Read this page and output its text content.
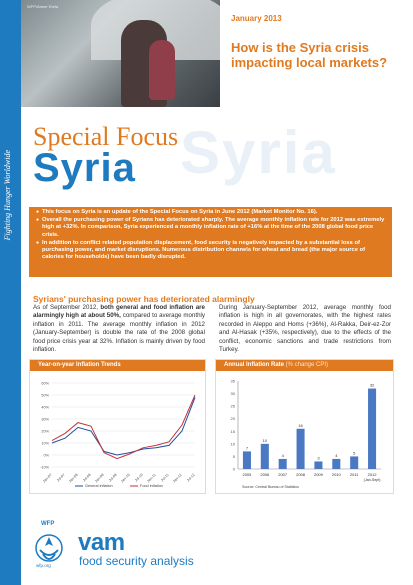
Fighting Hunger Worldwide
WFP/Abeer Etefa
January 2013
How is the Syria crisis impacting local markets?
Syria
Special Focus
Syria
● This focus on Syria is an update of the Special Focus on Syria in June 2012 (Market Monitor No. 16).
● Overall the purchasing power of Syrians has deteriorated sharply. The average monthly inflation rate for 2012 was extremely high at +32%. In comparison, Syria experienced a monthly inflation rate of +16% at the time of the 2008 global food price crisis.
● In addition to conflict related population displacement, food security is negatively impacted by a substantial loss of purchasing power, and market disruptions. Numerous distribution channels for wheat and bread (the major source of calories for households) have been badly disrupted.
Syrians' purchasing power has deteriorated alarmingly
As of September 2012, both general and food inflation are alarmingly high at about 50%, compared to average monthly inflation in 2011. The average monthly inflation in 2012 (January-September) is double the rate of the 2008 global food price crisis year at 32%. Inflation is mainly driven by food inflation.
During January-September 2012, average monthly food inflation is high in all governorates, with the highest rates recorded in Aleppo and Homs (+36%), Al-Rakka, Deir-ez-Zor and Al-Hasak (+35%, respectively), due to the effects of the conflict, economic sanctions and trade restrictions from Turkey.
Year-on-year Inflation Trends
60%
50%
40%
30%
20%
10%
0%
-10%
Jan-07 Jul-07 Jan-08 Jul-08 Jan-09 Jul-09 Jan-10 Jul-10 Jan-11 Jul-11 Jan-12 Jul-12
General inflation	Food inflation
Annual Inflation Rate (% change CPI)
35
30
25
20
15
10
5
0
7
2005
10
2006
4
2007
16
2008
3
2009
4
2010
5
2011
32
2012
(Jan-Sept)
Source: Central Bureau of Statistics
WFP
wfp.org
vam
food security analysis
